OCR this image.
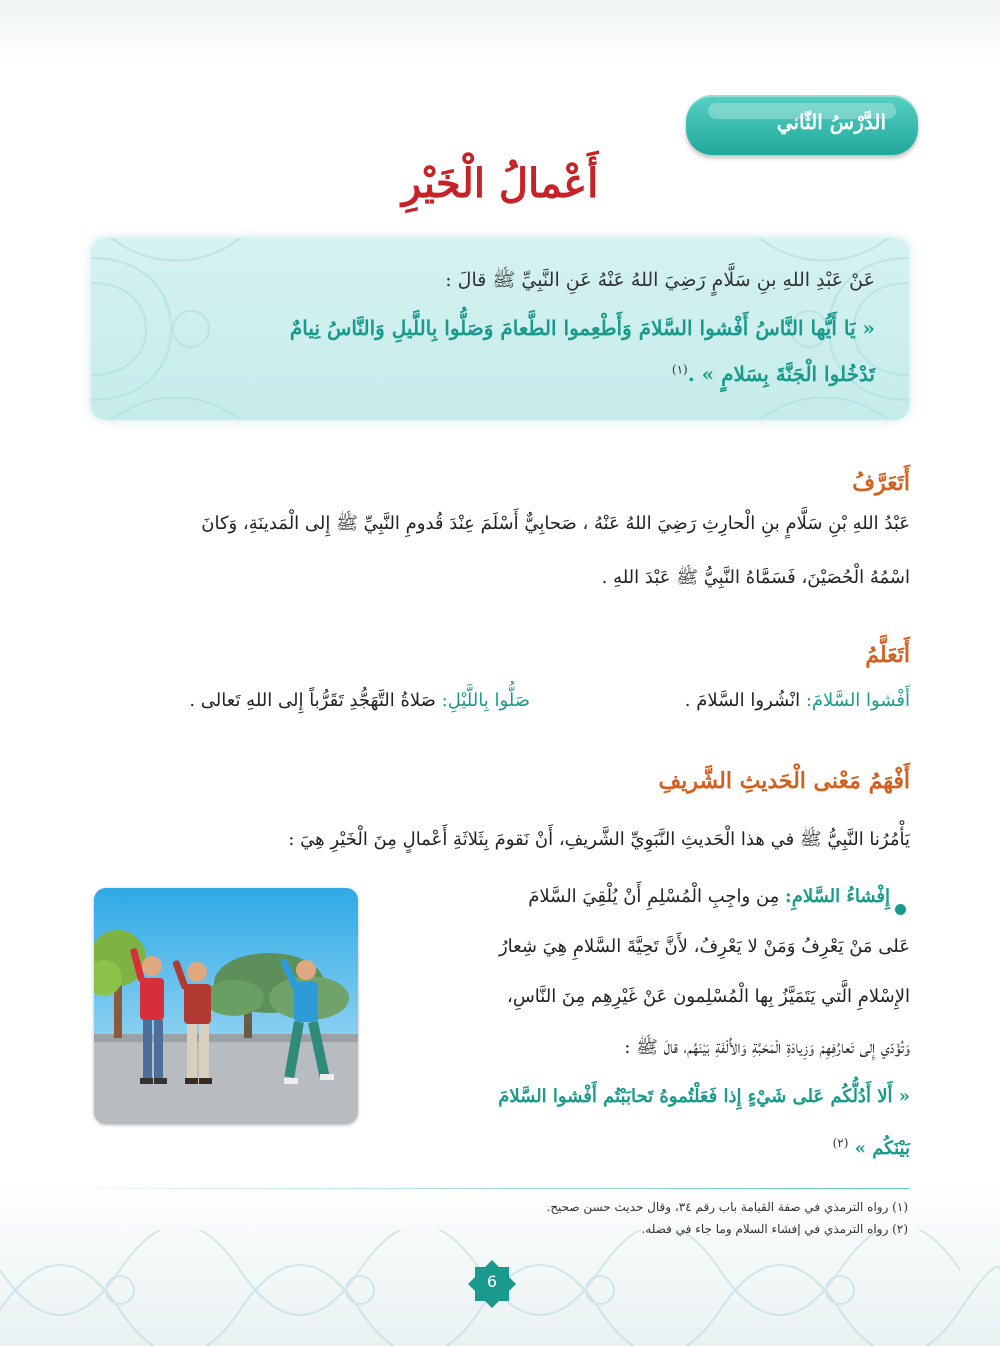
الدَّرْسُ الثّاني
أَعْمالُ الْخَيْرِ
عَنْ عَبْدِ اللهِ بنِ سَلَّامٍ رَضِيَ اللهُ عَنْهُ عَنِ النَّبِيِّ ﷺ قالَ :
« يَا أَيُّها النَّاسُ أَفْشوا السَّلامَ وَأَطْعِموا الطَّعامَ وَصَلُّوا بِاللَّيلِ وَالنَّاسُ نِيامٌ
تَدْخُلوا الْجَنَّةَ بِسَلامٍ » .$^{(١)}$
أَتَعَرَّفُ
عَبْدُ اللهِ بْنِ سَلَّامٍ بنِ الْحارِثِ رَضِيَ اللهُ عَنْهُ ، صَحابِيٌّ أَسْلَمَ عِنْدَ قُدومِ النَّبِيِّ ﷺ إِلى الْمَدينَةِ، وَكانَ
اسْمُهُ الْحُصَيْنَ، فَسَمَّاهُ النَّبِيُّ ﷺ عَبْدَ اللهِ .
أَتَعَلَّمُ
أَفْشوا السَّلامَ: انْشُروا السَّلامَ .
صَلُّوا بِاللَّيْلِ: صَلاةُ التَّهَجُّدِ تَقَرُّباً إِلى اللهِ تَعالى .
أَفْهَمُ مَعْنى الْحَديثِ الشَّريفِ
يَأْمُرُنا النَّبِيُّ ﷺ في هذا الْحَديثِ النَّبَوِيِّ الشَّريفِ، أَنْ نَقومَ بِثَلاثَةِ أَعْمالٍ مِنَ الْخَيْرِ هِيَ :
إِفْشاءُ السَّلامِ: مِن واجِبِ الْمُسْلِمِ أَنْ يُلْقِيَ السَّلامَ
عَلى مَنْ يَعْرِفُ وَمَنْ لا يَعْرِفُ، لأَنَّ تَحِيَّةَ السَّلامِ هِيَ شِعارُ
الإِسْلامِ الَّتي يَتَمَيَّزُ بِها الْمُسْلِمون عَنْ غَيْرِهِم مِنَ النَّاسِ،
وَتُؤَدّي إِلى تَعارُفِهِمْ وَزِيادَةِ الْمَحَبَّةِ وَالأُلْفَةِ بَيْنَهُم، قالَ ﷺ :
« أَلا أَدُلُّكُم عَلى شَيْءٍ إِذا فَعَلْتُموهُ تَحابَبْتُم أَفْشوا السَّلامَ
بَيْنَكُم » $^{(٢)}$
(١) رواه الترمذي في صفة القيامة باب رقم ٣٤، وقال حديث حسن صحيح.
(٢) رواه الترمذي في إفشاء السلام وما جاء في فضله.
6
